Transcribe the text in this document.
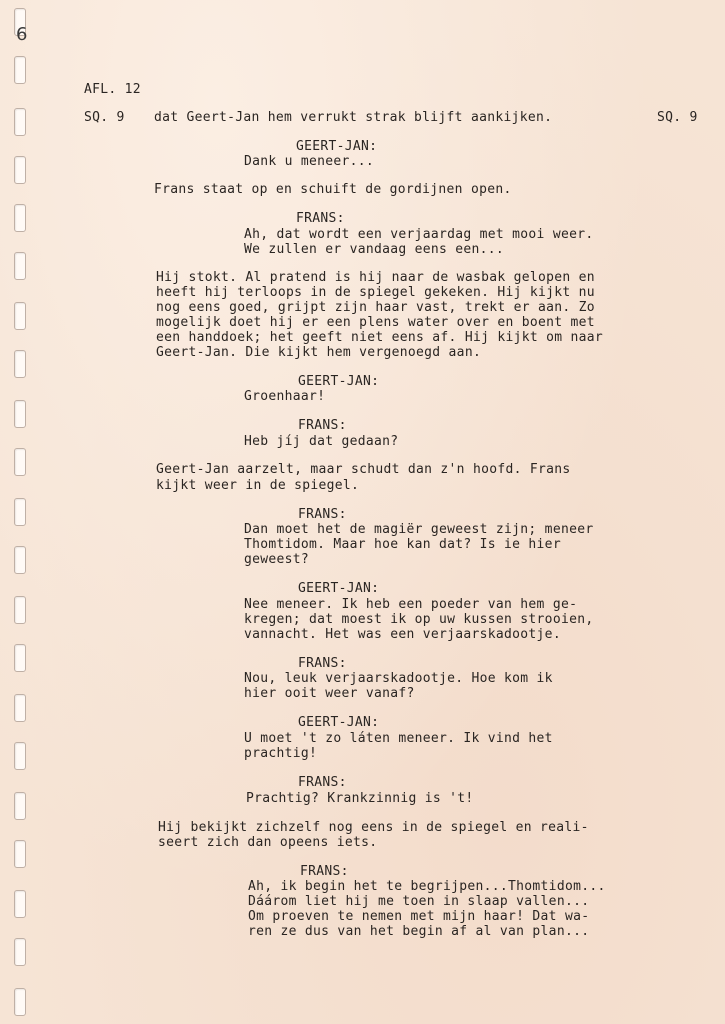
6
AFL. 12
SQ. 9	SQ. 9
dat Geert-Jan hem verrukt strak blijft aankijken.
GEERT-JAN:
Dank u meneer...
Frans staat op en schuift de gordijnen open.
FRANS:
Ah, dat wordt een verjaardag met mooi weer.
We zullen er vandaag eens een...
Hij stokt. Al pratend is hij naar de wasbak gelopen en
heeft hij terloops in de spiegel gekeken. Hij kijkt nu
nog eens goed, grijpt zijn haar vast, trekt er aan. Zo
mogelijk doet hij er een plens water over en boent met
een handdoek; het geeft niet eens af. Hij kijkt om naar
Geert-Jan. Die kijkt hem vergenoegd aan.
GEERT-JAN:
Groenhaar!
FRANS:
Heb jíj dat gedaan?
Geert-Jan aarzelt, maar schudt dan z'n hoofd. Frans
kijkt weer in de spiegel.
FRANS:
Dan moet het de magiër geweest zijn; meneer
Thomtidom. Maar hoe kan dat? Is ie hier
geweest?
GEERT-JAN:
Nee meneer. Ik heb een poeder van hem ge-
kregen; dat moest ik op uw kussen strooien,
vannacht. Het was een verjaarskadootje.
FRANS:
Nou, leuk verjaarskadootje. Hoe kom ik
hier ooit weer vanaf?
GEERT-JAN:
U moet 't zo láten meneer. Ik vind het
prachtig!
FRANS:
Prachtig? Krankzinnig is 't!
Hij bekijkt zichzelf nog eens in de spiegel en reali-
seert zich dan opeens iets.
FRANS:
Ah, ik begin het te begrijpen...Thomtidom...
Dáárom liet hij me toen in slaap vallen...
Om proeven te nemen met mijn haar! Dat wa-
ren ze dus van het begin af al van plan...
